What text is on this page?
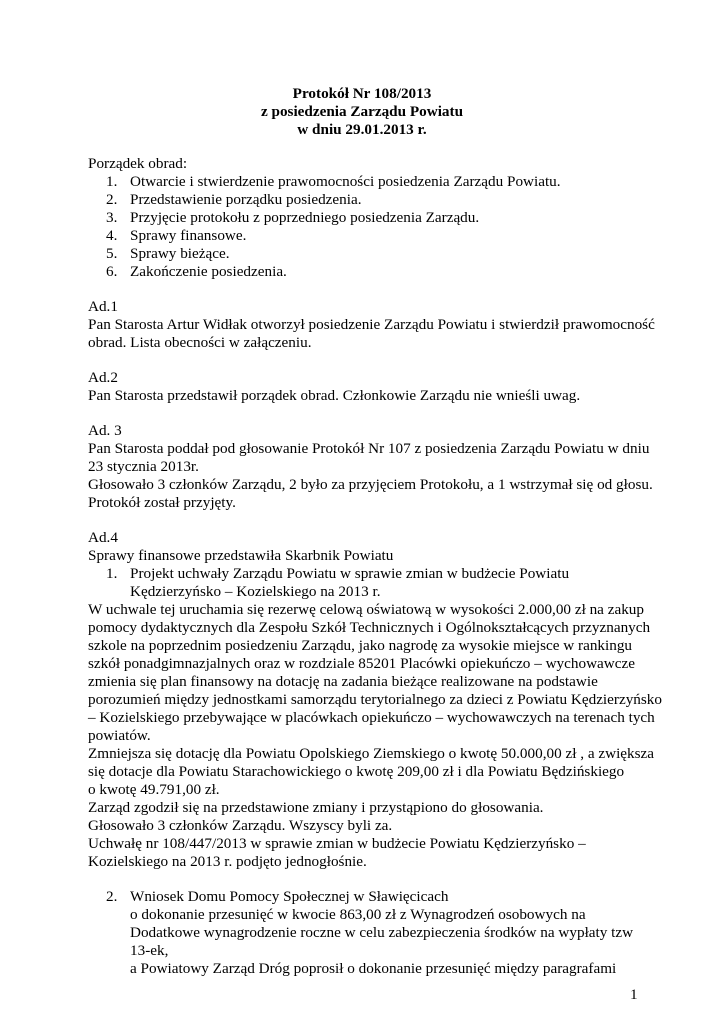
Protokół Nr 108/2013
z posiedzenia Zarządu Powiatu
w dniu 29.01.2013 r.
Porządek obrad:
1. Otwarcie i stwierdzenie prawomocności posiedzenia Zarządu Powiatu.
2. Przedstawienie porządku posiedzenia.
3. Przyjęcie protokołu z poprzedniego posiedzenia Zarządu.
4. Sprawy finansowe.
5. Sprawy bieżące.
6. Zakończenie posiedzenia.
Ad.1
Pan Starosta Artur Widłak otworzył posiedzenie Zarządu Powiatu i stwierdził prawomocność
obrad. Lista obecności w załączeniu.
Ad.2
Pan Starosta przedstawił porządek obrad. Członkowie Zarządu nie wnieśli uwag.
Ad. 3
Pan Starosta poddał pod głosowanie Protokół Nr 107 z posiedzenia Zarządu Powiatu w dniu
23 stycznia 2013r.
Głosowało 3 członków Zarządu, 2 było za przyjęciem Protokołu, a 1 wstrzymał się od głosu.
Protokół został przyjęty.
Ad.4
Sprawy finansowe przedstawiła Skarbnik Powiatu
1. Projekt uchwały Zarządu Powiatu w sprawie zmian w budżecie Powiatu
Kędzierzyńsko – Kozielskiego na 2013 r.
W uchwale tej uruchamia się rezerwę celową oświatową w wysokości 2.000,00 zł na zakup
pomocy dydaktycznych dla Zespołu Szkół Technicznych i Ogólnokształcących przyznanych
szkole na poprzednim posiedzeniu Zarządu, jako nagrodę za wysokie miejsce w rankingu
szkół ponadgimnazjalnych oraz w rozdziale 85201 Placówki opiekuńczo – wychowawcze
zmienia się plan finansowy na dotację na zadania bieżące realizowane na podstawie
porozumień między jednostkami samorządu terytorialnego za dzieci z Powiatu Kędzierzyńsko
– Kozielskiego przebywające w placówkach opiekuńczo – wychowawczych na terenach tych
powiatów.
Zmniejsza się dotację dla Powiatu Opolskiego Ziemskiego o kwotę 50.000,00 zł , a zwiększa
się dotacje dla Powiatu Starachowickiego o kwotę 209,00 zł i dla Powiatu Będzińskiego
o kwotę 49.791,00 zł.
Zarząd zgodził się na przedstawione zmiany i przystąpiono do głosowania.
Głosowało 3 członków Zarządu. Wszyscy byli za.
Uchwałę nr 108/447/2013 w sprawie zmian w budżecie Powiatu Kędzierzyńsko –
Kozielskiego na 2013 r. podjęto jednogłośnie.
2. Wniosek Domu Pomocy Społecznej w Sławięcicach
o dokonanie przesunięć w kwocie 863,00 zł z Wynagrodzeń osobowych na
Dodatkowe wynagrodzenie roczne w celu zabezpieczenia środków na wypłaty tzw
13-ek,
a Powiatowy Zarząd Dróg poprosił o dokonanie przesunięć między paragrafami
1
